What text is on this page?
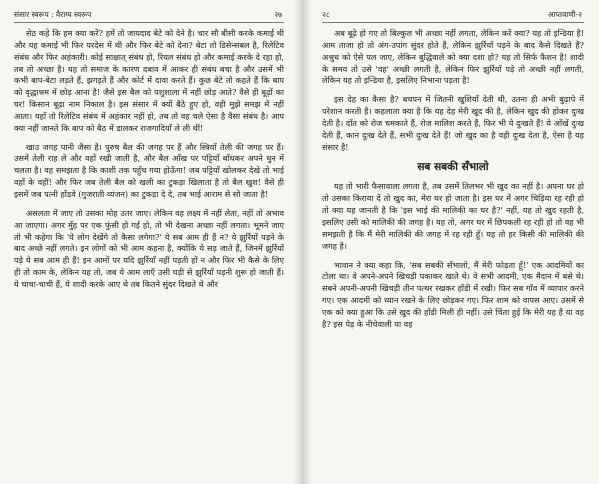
संसार स्वरूप : वैराग्य स्वरूप	२७

सेठ कहे कि हम क्या करें? हमें तो जायदाद बेटे को देने है। चार सौ बीसी करके कमाई थी और यह कमाई भी फिर परदेस में थी और फिर बेटे को देना? बेटा तो डिसेन्सबल है, रिलेटिव संबंध और फिर अहंकारी। कोई साक्षात् संबंध हो, रियल संबंध हो और कमाई करके दे रहा हो, तब तो अच्छा है। यह तो समाज के कारण दबाव में आकर ही संबंध बचा है और उसमें भी कभी बाप-बेटा लड़ते हैं, झगड़ते हैं और कोर्ट में दावा करते हैं। कुछ बेटे तो कहते हैं कि बाप को वृद्धाश्रम में छोड़ आना है! जैसे इस बैल को पशुशाला में नहीं छोड़ आते? वैसे ही बूढ़ों का घर! किसान बूढ़ा नाम निकाल है। इस संसार में क्यों बैठे हुए हो, वही मुझे समझ में नहीं आता। यहाँ तो रिलेटिव संबंध में अहंकार नहीं हो, तब तो वह चले ऐसा है वैसा संबंध है। आप क्या नहीं जानते कि बाप को बैठ में डालकर राजगादियाँ ले ली थीं!

खाउ जगह पानी जैसा है। पुरुष बैल की जगह पर हैं और स्त्रियाँ तेली की जगह पर हैं। उसमें तेली राह ले और वहाँ रखी जाती है, और बैल आँख पर पट्टियाँ बाँधकर अपने धुन में चलता है। वह समझता है कि काशी तक पहुँच गया होऊँगा! जब पट्टियाँ खोलकर देखे तो भाई वहाँ के वहीं! और फिर जब तेली बैल को खली का टुकड़ा खिलाता है तो बैल खुश! वैसे ही इसमें जब पत्नी हाँडवे (गुजराती व्यंजन) का टुकड़ा दे दे, तब भाई आराम से सो जाता है!

असलता में जाए तो उसका मोह उतर जाए। लेकिन वह लक्ष्य में नहीं लेता, नहीं तो अभाव आ जाएगा। अगर मुँह पर एक फुंसी हो गई हो, तो भी देखना अच्छा नहीं लगता। भूमने जाए तो भी कहेगा कि 'ये लोग देखेंगे तो कैसा लगेगा?' ये सब आम ही हैं न? ये झुर्रियाँ पड़ने के बाद अच्छे नहीं लगते। इन लोगों को भी आम कहना है, क्योंकि ये सड़ जाते हैं, जिनमें झुर्रियाँ पड़े ये सब आम ही हैं! इन आमों पर यदि झुर्रियाँ नहीं पड़ती हों न और फिर भी कैसे के लिए ही तो काम के, लेकिन यह तो, जब ये आम लाएँ उसी घड़ी से झुर्रियाँ पड़नी शुरू हो जाती हैं। ये चाचा-चाची हैं, ये शादी करके आए थे तब कितने सुंदर दिखते थे और

२८	आप्तवाणी-२

अब बूढ़े हो गए तो बिल्कुल भी अच्छा नहीं लगता, लेकिन करें क्या? यह तो इन्डिया है! आम ताजा हो तो अंग-उपांग सुंदर होते हैं, लेकिन झुर्रियाँ पड़ने के बाद कैसे दिखते हैं? अश्रुध को ऐसे पल जाए, लेकिन बुद्धिवाले को क्या दशा हो? यह तो सिर्फ फैशन है! शादी के समय तो उसे 'वह' अच्छी लगती है, लेकिन फिर झुर्रियाँ पड़े तो अच्छी नहीं लगती, लेकिन यह तो इन्डिया है, इसलिए निभाना पड़ता है!

इस देह का कैसा है? बचपन में जितनी खुशियाँ देती थी, उतना ही अभी बुढ़ापे में परेशान करती है। कहलाता क्या है कि यह देह मेरी खुद की है, लेकिन खुद की होकर दुःख देती है। दाँत को रोज चमकाते हैं, रोज मालिश करते हैं, फिर भी ये दुःखते हैं! ये आँखें दुःख देती हैं, कान दुःख देते हैं, सभी दुःख देते हैं! जो खुद का है वही दुःख देता है, ऐसा है यह संसार है!

सब सबकी सँभालो

यह तो भारी फैसावाला लगता है, तब उसमें तिलभर भी खुद का नहीं है। अपना घर हो तो उसका किराया दें तो खुद का, मेरा घर हो जाता है। इस घर में अगर चिड़िया रह रही हो तो क्या यह जानती है कि 'इस भाई की मालिकी का घर है?' नहीं, यह तो खुद रहती है, इसलिए उसी को मालिकी की जगह है। यह तो, अगर घर में छिपकली रह रही हो तो वह भी समझती है कि मैं मेरी मालिकी की जगह में रह रही हूँ। यह तो हर किसी की मालिकी की जगह है।

भावान ने क्या कहा कि, 'सब सबकी सँभालो, मैं मेरी फोड़ता हूँ!' एक आदमियों का टोला था। वे अपने-अपने खिचड़ी पकाकर खाते थे। वे सभी आदमी, एक मैदान में बसे थे। सबने अपनी-अपनी खिचड़ी तीन पत्थर रखकर हाँडी में रखी। फिर सब गाँव में व्यापार करने गए। एक आदमी को ध्यान रखने के लिए छोड़कर गए। फिर शाम को वापस आए। उसमें से एक को क्या हुआ कि उसे खुद की हाँडी मिली ही नहीं। उसे चिंता हुई कि मेरी यह है या वह है? इस पेड़ के नीचेवाली या वह
